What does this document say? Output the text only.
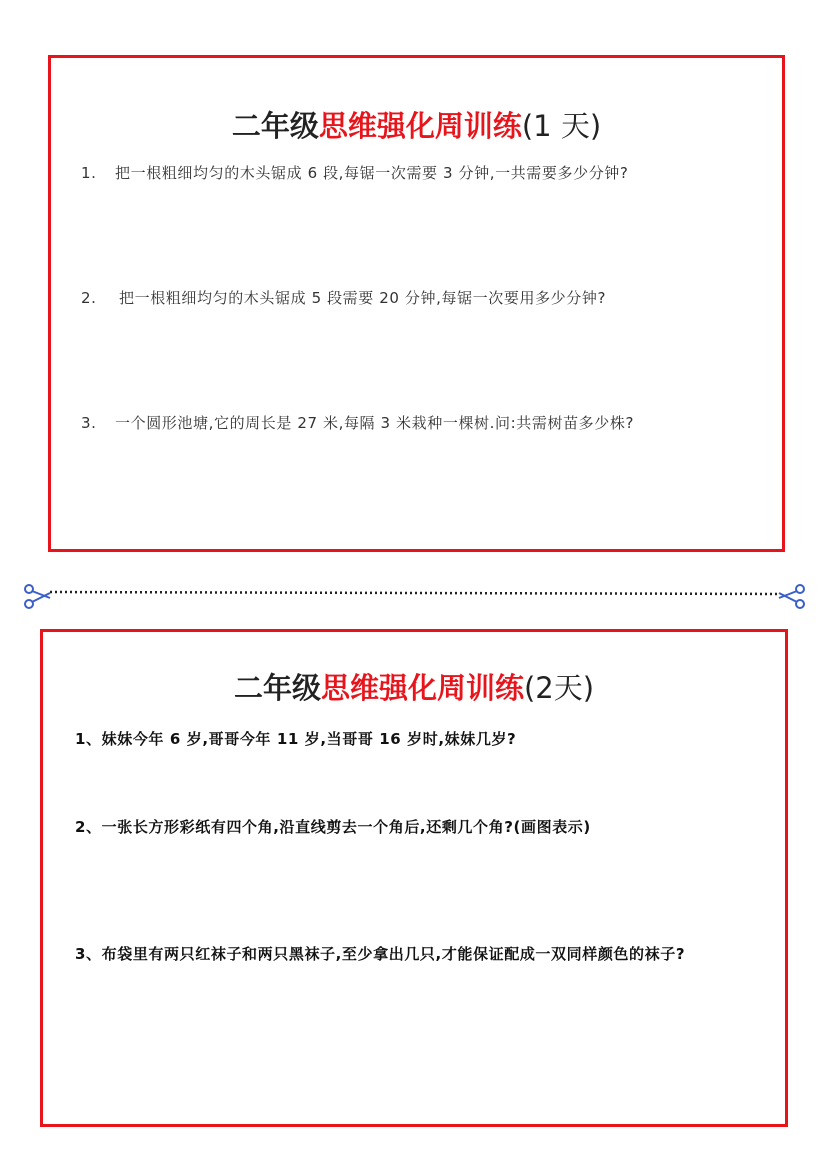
二年级思维强化周训练(1 天)
1. 把一根粗细均匀的木头锯成 6 段,每锯一次需要 3 分钟,一共需要多少分钟?
2. 把一根粗细均匀的木头锯成 5 段需要 20 分钟,每锯一次要用多少分钟?
3. 一个圆形池塘,它的周长是 27 米,每隔 3 米栽种一棵树.问:共需树苗多少株?
二年级思维强化周训练(2天)
1、妹妹今年 6 岁,哥哥今年 11 岁,当哥哥 16 岁时,妹妹几岁?
2、一张长方形彩纸有四个角,沿直线剪去一个角后,还剩几个角?(画图表示)
3、布袋里有两只红袜子和两只黑袜子,至少拿出几只,才能保证配成一双同样颜色的袜子?
